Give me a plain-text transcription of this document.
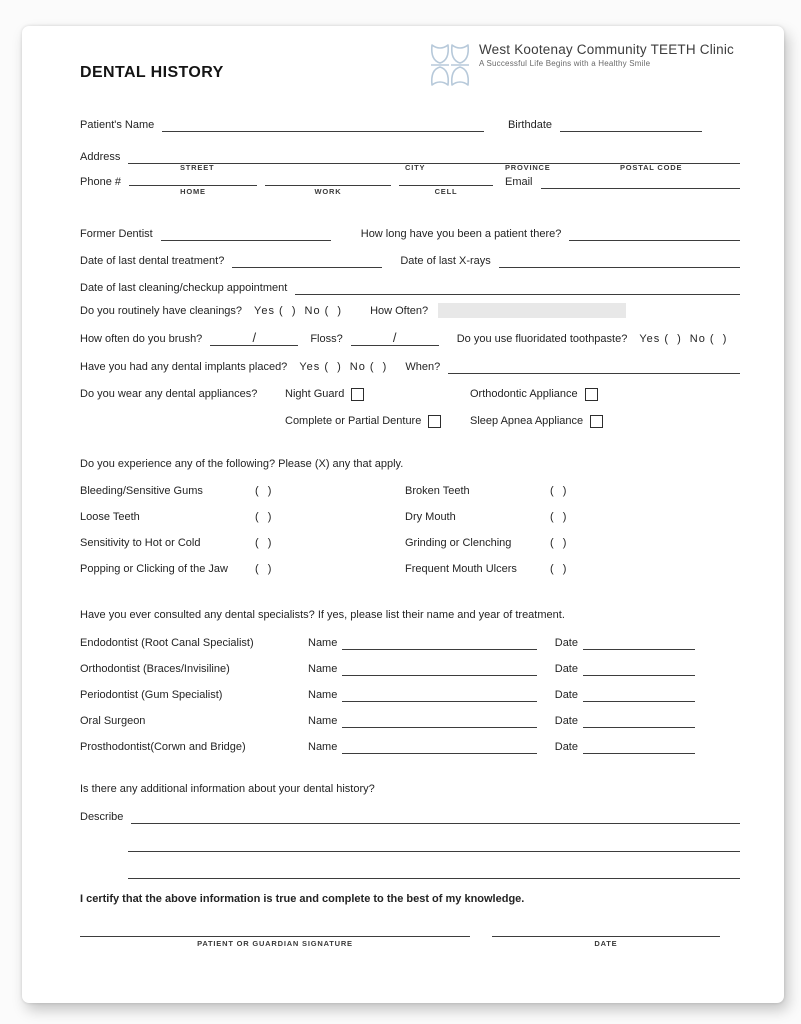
DENTAL HISTORY
West Kootenay Community TEETH Clinic
A Successful Life Begins with a Healthy Smile
Patient's Name	Birthdate
Address
STREET	CITY	PROVINCE	POSTAL CODE
Phone #
HOME	WORK	CELL
Email
Former Dentist	How long have you been a patient there?
Date of last dental treatment?	Date of last X-rays
Date of last cleaning/checkup appointment
Do you routinely have cleanings? Yes (  ) No (  )	How Often?
How often do you brush?	/	Floss?	/	Do you use fluoridated toothpaste? Yes (  ) No (  )
Have you had any dental implants placed? Yes (  ) No (  ) When?
Do you wear any dental appliances?	Night Guard	Orthodontic Appliance
Complete or Partial Denture	Sleep Apnea Appliance
Do you experience any of the following? Please (X) any that apply.
Bleeding/Sensitive Gums	(  )	Broken Teeth	(  )
Loose Teeth	(  )	Dry Mouth	(  )
Sensitivity to Hot or Cold	(  )	Grinding or Clenching	(  )
Popping or Clicking of the Jaw	(  )	Frequent Mouth Ulcers	(  )
Have you ever consulted any dental specialists? If yes, please list their name and year of treatment.
Endodontist (Root Canal Specialist)	Name	Date
Orthodontist (Braces/Invisiline)	Name	Date
Periodontist (Gum Specialist)	Name	Date
Oral Surgeon	Name	Date
Prosthodontist(Corwn and Bridge)	Name	Date
Is there any additional information about your dental history?
Describe
I certify that the above information is true and complete to the best of my knowledge.
PATIENT OR GUARDIAN SIGNATURE	DATE
